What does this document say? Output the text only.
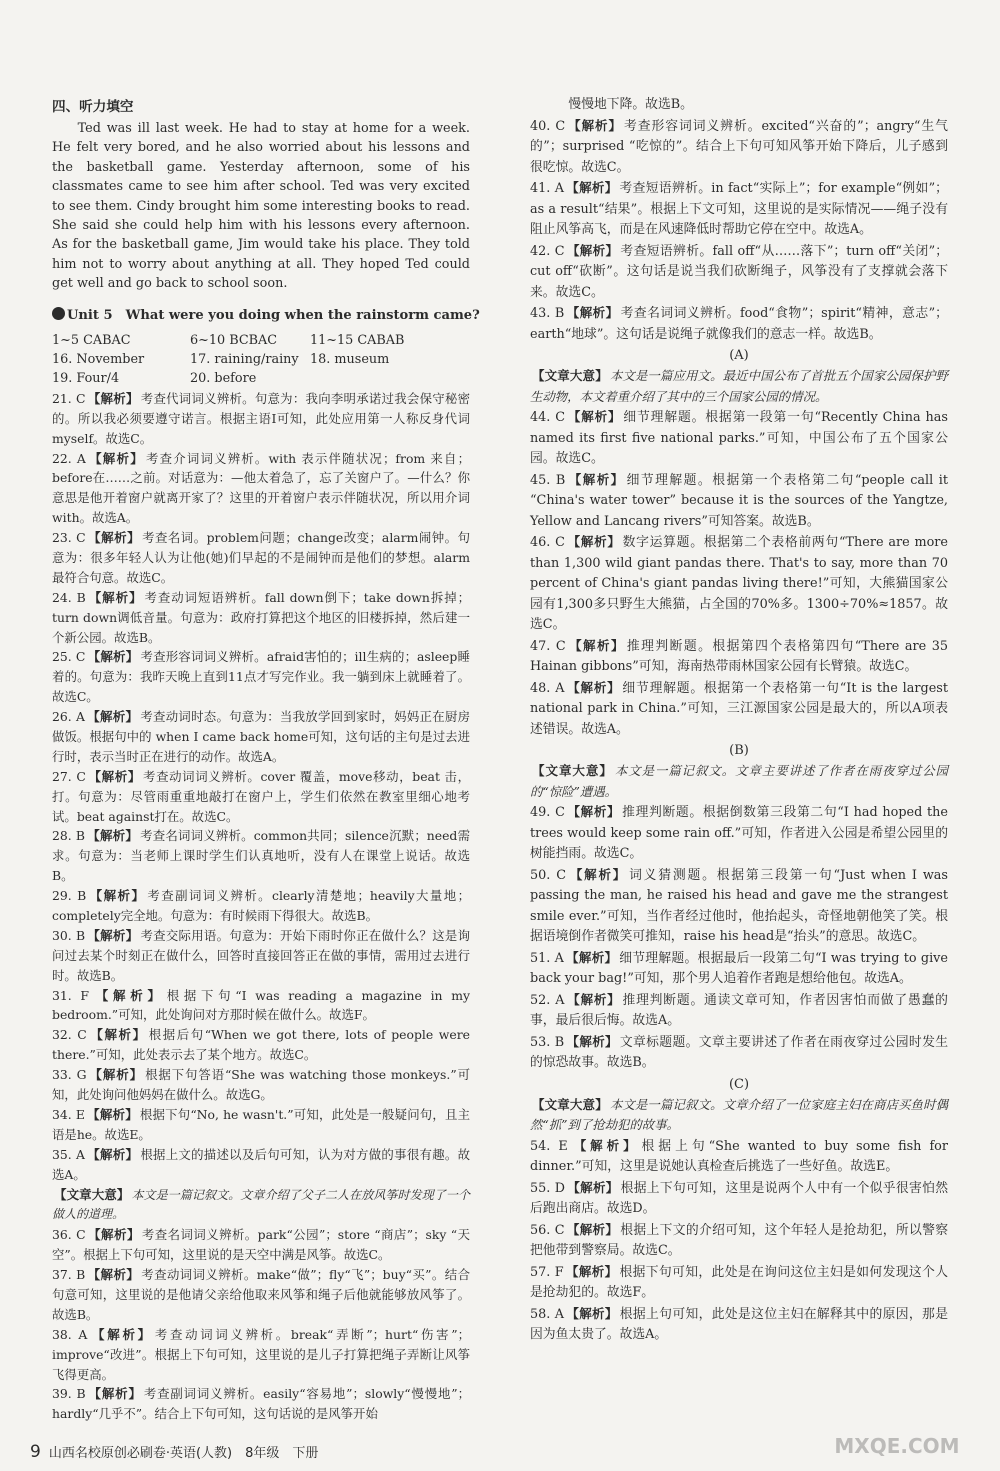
四、听力填空

Ted was ill last week. He had to stay at home for a week. He felt very bored, and he also worried about his lessons and the basketball game. Yesterday afternoon, some of his classmates came to see him after school. Ted was very excited to see them. Cindy brought him some interesting books to read. She said she could help him with his lessons every afternoon. As for the basketball game, Jim would take his place. They told him not to worry about anything at all. They hoped Ted could get well and go back to school soon.

Unit 5　What were you doing when the rainstorm came?
1~5 CABAC	6~10 BCBAC	11~15 CABAB
16. November	17. raining/rainy 18. museum
19. Four/4	20. before

21. C 【解析】 考查代词词义辨析。句意为：我向李明承诺过我会保守秘密的。所以我必须要遵守诺言。根据主语I可知，此处应用第一人称反身代词myself。故选C。

22. A 【解析】 考查介词词义辨析。with 表示伴随状况；from 来自；before在……之前。对话意为：—他太着急了，忘了关窗户了。—什么？你意思是他开着窗户就离开家了？这里的开着窗户表示伴随状况，所以用介词 with。故选A。

23. C 【解析】 考查名词。problem问题；change改变；alarm闹钟。句意为：很多年轻人认为让他(她)们早起的不是闹钟而是他们的梦想。alarm最符合句意。故选C。

24. B 【解析】 考查动词短语辨析。fall down倒下；take down拆掉；turn down调低音量。句意为：政府打算把这个地区的旧楼拆掉，然后建一个新公园。故选B。

25. C 【解析】 考查形容词词义辨析。afraid害怕的；ill生病的；asleep睡着的。句意为：我昨天晚上直到11点才写完作业。我一躺到床上就睡着了。故选C。

26. A 【解析】 考查动词时态。句意为：当我放学回到家时，妈妈正在厨房做饭。根据句中的 when I came back home可知，这句话的主句是过去进行时，表示当时正在进行的动作。故选A。

27. C 【解析】 考查动词词义辨析。cover 覆盖，move移动，beat 击，打。句意为：尽管雨重重地敲打在窗户上，学生们依然在教室里细心地考试。beat against打在。故选C。

28. B 【解析】 考查名词词义辨析。common共同；silence沉默；need需求。句意为：当老师上课时学生们认真地听，没有人在课堂上说话。故选B。

29. B 【解析】 考查副词词义辨析。clearly清楚地；heavily大量地；completely完全地。句意为：有时候雨下得很大。故选B。

30. B 【解析】 考查交际用语。句意为：开始下雨时你正在做什么？这是询问过去某个时刻正在做什么，回答时直接回答正在做的事情，需用过去进行时。故选B。

31. F 【解析】 根据下句“I was reading a magazine in my bedroom.”可知，此处询问对方那时候在做什么。故选F。

32. C 【解析】 根据后句“When we got there, lots of people were there.”可知，此处表示去了某个地方。故选C。

33. G 【解析】 根据下句答语“She was watching those monkeys.”可知，此处询问他妈妈在做什么。故选G。

34. E 【解析】 根据下句“No, he wasn't.”可知，此处是一般疑问句，且主语是he。故选E。

35. A 【解析】 根据上文的描述以及后句可知，认为对方做的事很有趣。故选A。

【文章大意】 本文是一篇记叙文。文章介绍了父子二人在放风筝时发现了一个做人的道理。

36. C 【解析】 考查名词词义辨析。park“公园”；store “商店”；sky “天空”。根据上下句可知，这里说的是天空中满是风筝。故选C。

37. B 【解析】 考查动词词义辨析。make“做”；fly“飞”；buy“买”。结合句意可知，这里说的是他请父亲给他取来风筝和绳子后他就能够放风筝了。故选B。

38. A 【解析】 考查动词词义辨析。break“弄断”；hurt“伤害”；improve“改进”。根据上下句可知，这里说的是儿子打算把绳子弄断让风筝飞得更高。

39. B 【解析】 考查副词词义辨析。easily“容易地”；slowly“慢慢地”；hardly“几乎不”。结合上下句可知，这句话说的是风筝开始

慢慢地下降。故选B。

40. C 【解析】 考查形容词词义辨析。excited“兴奋的”；angry“生气的”；surprised “吃惊的”。结合上下句可知风筝开始下降后，儿子感到很吃惊。故选C。

41. A 【解析】 考查短语辨析。in fact“实际上”；for example“例如”；as a result“结果”。根据上下文可知，这里说的是实际情况——绳子没有阻止风筝高飞，而是在风速降低时帮助它停在空中。故选A。

42. C 【解析】 考查短语辨析。fall off“从……落下”；turn off“关闭”；cut off“砍断”。这句话是说当我们砍断绳子，风筝没有了支撑就会落下来。故选C。

43. B 【解析】 考查名词词义辨析。food“食物”；spirit“精神，意志”；earth“地球”。这句话是说绳子就像我们的意志一样。故选B。

(A)

【文章大意】 本文是一篇应用文。最近中国公布了首批五个国家公园保护野生动物，本文着重介绍了其中的三个国家公园的情况。

44. C 【解析】 细节理解题。根据第一段第一句“Recently China has named its first five national parks.”可知，中国公布了五个国家公园。故选C。

45. B 【解析】 细节理解题。根据第一个表格第二句“people call it “China's water tower” because it is the sources of the Yangtze, Yellow and Lancang rivers”可知答案。故选B。

46. C 【解析】 数字运算题。根据第二个表格前两句“There are more than 1,300 wild giant pandas there. That's to say, more than 70 percent of China's giant pandas living there!”可知，大熊猫国家公园有1,300多只野生大熊猫，占全国的70%多。1300÷70%≈1857。故选C。

47. C 【解析】 推理判断题。根据第四个表格第四句“There are 35 Hainan gibbons”可知，海南热带雨林国家公园有长臂猿。故选C。

48. A 【解析】 细节理解题。根据第一个表格第一句“It is the largest national park in China.”可知，三江源国家公园是最大的，所以A项表述错误。故选A。

(B)

【文章大意】 本文是一篇记叙文。文章主要讲述了作者在雨夜穿过公园的“惊险”遭遇。

49. C 【解析】 推理判断题。根据倒数第三段第二句“I had hoped the trees would keep some rain off.”可知，作者进入公园是希望公园里的树能挡雨。故选C。

50. C 【解析】 词义猜测题。根据第三段第一句“Just when I was passing the man, he raised his head and gave me the strangest smile ever.”可知，当作者经过他时，他抬起头，奇怪地朝他笑了笑。根据语境倒作者微笑可推知，raise his head是“抬头”的意思。故选C。

51. A 【解析】 细节理解题。根据最后一段第二句“I was trying to give back your bag!”可知，那个男人追着作者跑是想给他包。故选A。

52. A 【解析】 推理判断题。通读文章可知，作者因害怕而做了愚蠢的事，最后很后悔。故选A。

53. B 【解析】 文章标题题。文章主要讲述了作者在雨夜穿过公园时发生的惊恐故事。故选B。

(C)

【文章大意】 本文是一篇记叙文。文章介绍了一位家庭主妇在商店买鱼时偶然“抓”到了抢劫犯的故事。

54. E 【解析】 根据上句“She wanted to buy some fish for dinner.”可知，这里是说她认真检查后挑选了一些好鱼。故选E。

55. D 【解析】 根据上下句可知，这里是说两个人中有一个似乎很害怕然后跑出商店。故选D。

56. C 【解析】 根据上下文的介绍可知，这个年轻人是抢劫犯，所以警察把他带到警察局。故选C。

57. F 【解析】 根据下句可知，此处是在询问这位主妇是如何发现这个人是抢劫犯的。故选F。

58. A 【解析】 根据上句可知，此处是这位主妇在解释其中的原因，那是因为鱼太贵了。故选A。

9 山西名校原创必刷卷·英语(人教)　8年级　下册	MXQE.COM
